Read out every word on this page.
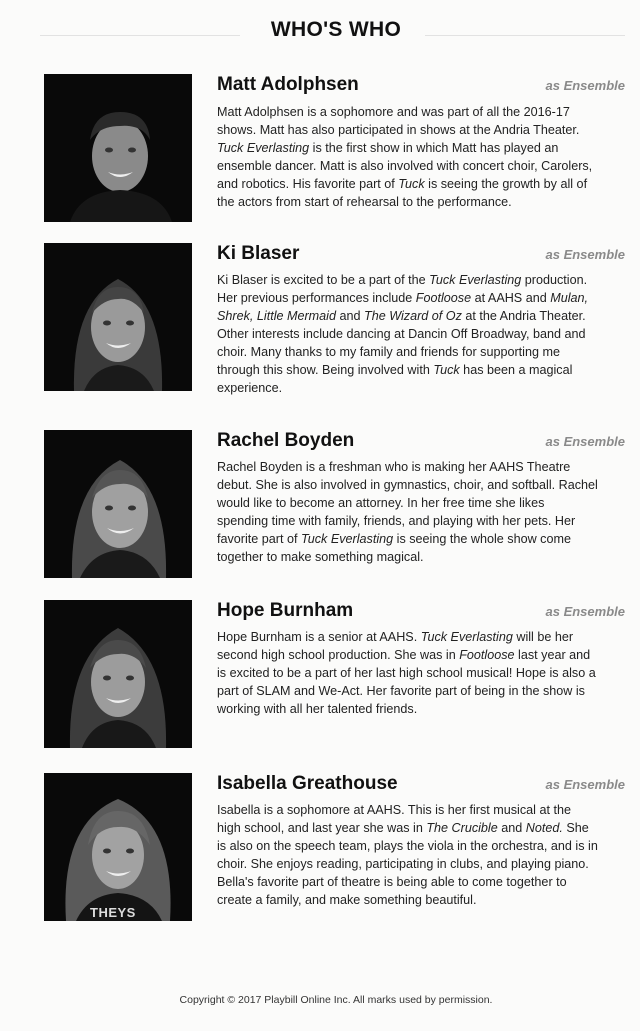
WHO'S WHO
Matt Adolphsen	as Ensemble
Matt Adolphsen is a sophomore and was part of all the 2016-17
shows. Matt has also participated in shows at the Andria Theater.
Tuck Everlasting is the first show in which Matt has played an
ensemble dancer. Matt is also involved with concert choir, Carolers,
and robotics. His favorite part of Tuck is seeing the growth by all of
the actors from start of rehearsal to the performance.
Ki Blaser	as Ensemble
Ki Blaser is excited to be a part of the Tuck Everlasting production.
Her previous performances include Footloose at AAHS and Mulan,
Shrek, Little Mermaid and The Wizard of Oz at the Andria Theater.
Other interests include dancing at Dancin Off Broadway, band and
choir. Many thanks to my family and friends for supporting me
through this show. Being involved with Tuck has been a magical
experience.
Rachel Boyden	as Ensemble
Rachel Boyden is a freshman who is making her AAHS Theatre
debut. She is also involved in gymnastics, choir, and softball. Rachel
would like to become an attorney. In her free time she likes
spending time with family, friends, and playing with her pets. Her
favorite part of Tuck Everlasting is seeing the whole show come
together to make something magical.
Hope Burnham	as Ensemble
Hope Burnham is a senior at AAHS. Tuck Everlasting will be her
second high school production. She was in Footloose last year and
is excited to be a part of her last high school musical! Hope is also a
part of SLAM and We-Act. Her favorite part of being in the show is
working with all her talented friends.
THEYS
Isabella Greathouse	as Ensemble
Isabella is a sophomore at AAHS. This is her first musical at the
high school, and last year she was in The Crucible and Noted. She
is also on the speech team, plays the viola in the orchestra, and is in
choir. She enjoys reading, participating in clubs, and playing piano.
Bella's favorite part of theatre is being able to come together to
create a family, and make something beautiful.
Copyright © 2017 Playbill Online Inc. All marks used by permission.
